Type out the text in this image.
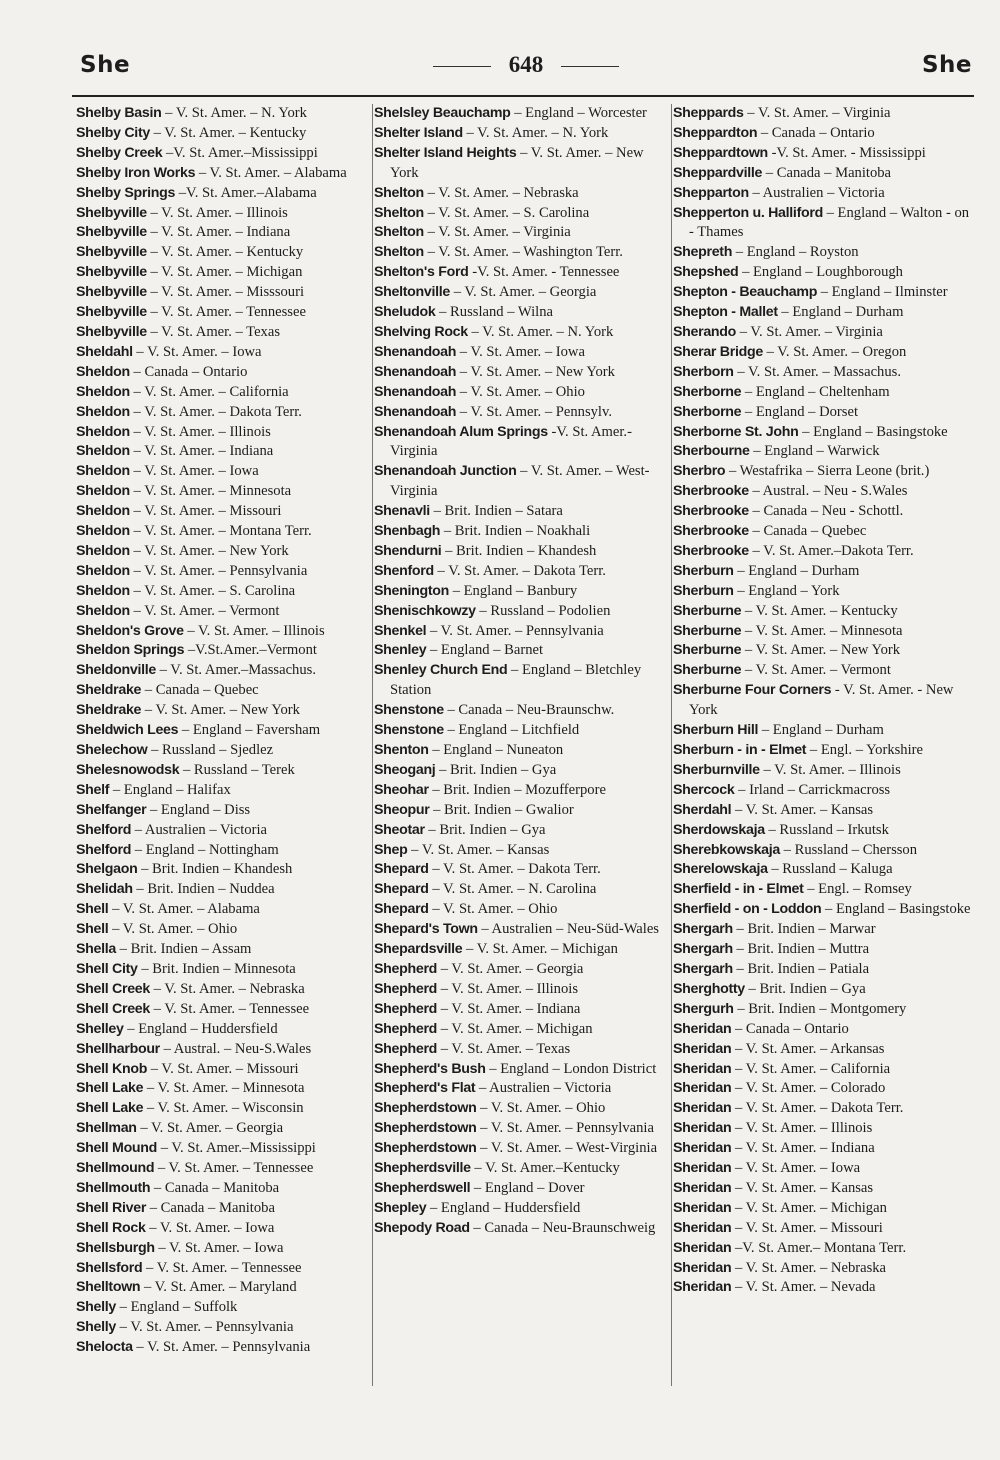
She	648	She
Shelby Basin – V. St. Amer. – N. York
Shelby City – V. St. Amer. – Kentucky
Shelby Creek –V. St. Amer.–Mississippi
Shelby Iron Works – V. St. Amer. – Alabama
Shelby Springs –V. St. Amer.–Alabama
Shelbyville – V. St. Amer. – Illinois
Shelbyville – V. St. Amer. – Indiana
Shelbyville – V. St. Amer. – Kentucky
Shelbyville – V. St. Amer. – Michigan
Shelbyville – V. St. Amer. – Misssouri
Shelbyville – V. St. Amer. – Tennessee
Shelbyville – V. St. Amer. – Texas
Sheldahl – V. St. Amer. – Iowa
Sheldon – Canada – Ontario
Sheldon – V. St. Amer. – California
Sheldon – V. St. Amer. – Dakota Terr.
Sheldon – V. St. Amer. – Illinois
Sheldon – V. St. Amer. – Indiana
Sheldon – V. St. Amer. – Iowa
Sheldon – V. St. Amer. – Minnesota
Sheldon – V. St. Amer. – Missouri
Sheldon – V. St. Amer. – Montana Terr.
Sheldon – V. St. Amer. – New York
Sheldon – V. St. Amer. – Pennsylvania
Sheldon – V. St. Amer. – S. Carolina
Sheldon – V. St. Amer. – Vermont
Sheldon's Grove – V. St. Amer. – Illinois
Sheldon Springs –V.St.Amer.–Vermont
Sheldonville – V. St. Amer.–Massachus.
Sheldrake – Canada – Quebec
Sheldrake – V. St. Amer. – New York
Sheldwich Lees – England – Faversham
Shelechow – Russland – Sjedlez
Shelesnowodsk – Russland – Terek
Shelf – England – Halifax
Shelfanger – England – Diss
Shelford – Australien – Victoria
Shelford – England – Nottingham
Shelgaon – Brit. Indien – Khandesh
Shelidah – Brit. Indien – Nuddea
Shell – V. St. Amer. – Alabama
Shell – V. St. Amer. – Ohio
Shella – Brit. Indien – Assam
Shell City – Brit. Indien – Minnesota
Shell Creek – V. St. Amer. – Nebraska
Shell Creek – V. St. Amer. – Tennessee
Shelley – England – Huddersfield
Shellharbour – Austral. – Neu-S.Wales
Shell Knob – V. St. Amer. – Missouri
Shell Lake – V. St. Amer. – Minnesota
Shell Lake – V. St. Amer. – Wisconsin
Shellman – V. St. Amer. – Georgia
Shell Mound – V. St. Amer.–Mississippi
Shellmound – V. St. Amer. – Tennessee
Shellmouth – Canada – Manitoba
Shell River – Canada – Manitoba
Shell Rock – V. St. Amer. – Iowa
Shellsburgh – V. St. Amer. – Iowa
Shellsford – V. St. Amer. – Tennessee
Shelltown – V. St. Amer. – Maryland
Shelly – England – Suffolk
Shelly – V. St. Amer. – Pennsylvania
Shelocta – V. St. Amer. – Pennsylvania
Shelsley Beauchamp – England – Worcester
Shelter Island – V. St. Amer. – N. York
Shelter Island Heights – V. St. Amer. – New York
Shelton – V. St. Amer. – Nebraska
Shelton – V. St. Amer. – S. Carolina
Shelton – V. St. Amer. – Virginia
Shelton – V. St. Amer. – Washington Terr.
Shelton's Ford -V. St. Amer. - Tennessee
Sheltonville – V. St. Amer. – Georgia
Sheludok – Russland – Wilna
Shelving Rock – V. St. Amer. – N. York
Shenandoah – V. St. Amer. – Iowa
Shenandoah – V. St. Amer. – New York
Shenandoah – V. St. Amer. – Ohio
Shenandoah – V. St. Amer. – Pennsylv.
Shenandoah Alum Springs -V. St. Amer.-Virginia
Shenandoah Junction – V. St. Amer. – West-Virginia
Shenavli – Brit. Indien – Satara
Shenbagh – Brit. Indien – Noakhali
Shendurni – Brit. Indien – Khandesh
Shenford – V. St. Amer. – Dakota Terr.
Shenington – England – Banbury
Shenischkowzy – Russland – Podolien
Shenkel – V. St. Amer. – Pennsylvania
Shenley – England – Barnet
Shenley Church End – England – Bletchley Station
Shenstone – Canada – Neu-Braunschw.
Shenstone – England – Litchfield
Shenton – England – Nuneaton
Sheoganj – Brit. Indien – Gya
Sheohar – Brit. Indien – Mozufferpore
Sheopur – Brit. Indien – Gwalior
Sheotar – Brit. Indien – Gya
Shep – V. St. Amer. – Kansas
Shepard – V. St. Amer. – Dakota Terr.
Shepard – V. St. Amer. – N. Carolina
Shepard – V. St. Amer. – Ohio
Shepard's Town – Australien – Neu-Süd-Wales
Shepardsville – V. St. Amer. – Michigan
Shepherd – V. St. Amer. – Georgia
Shepherd – V. St. Amer. – Illinois
Shepherd – V. St. Amer. – Indiana
Shepherd – V. St. Amer. – Michigan
Shepherd – V. St. Amer. – Texas
Shepherd's Bush – England – London District
Shepherd's Flat – Australien – Victoria
Shepherdstown – V. St. Amer. – Ohio
Shepherdstown – V. St. Amer. – Pennsylvania
Shepherdstown – V. St. Amer. – West-Virginia
Shepherdsville – V. St. Amer.–Kentucky
Shepherdswell – England – Dover
Shepley – England – Huddersfield
Shepody Road – Canada – Neu-Braunschweig
Sheppards – V. St. Amer. – Virginia
Sheppardton – Canada – Ontario
Sheppardtown -V. St. Amer. - Mississippi
Sheppardville – Canada – Manitoba
Shepparton – Australien – Victoria
Shepperton u. Halliford – England – Walton - on - Thames
Shepreth – England – Royston
Shepshed – England – Loughborough
Shepton - Beauchamp – England – Ilminster
Shepton - Mallet – England – Durham
Sherando – V. St. Amer. – Virginia
Sherar Bridge – V. St. Amer. – Oregon
Sherborn – V. St. Amer. – Massachus.
Sherborne – England – Cheltenham
Sherborne – England – Dorset
Sherborne St. John – England – Basingstoke
Sherbourne – England – Warwick
Sherbro – Westafrika – Sierra Leone (brit.)
Sherbrooke – Austral. – Neu - S.Wales
Sherbrooke – Canada – Neu - Schottl.
Sherbrooke – Canada – Quebec
Sherbrooke – V. St. Amer.–Dakota Terr.
Sherburn – England – Durham
Sherburn – England – York
Sherburne – V. St. Amer. – Kentucky
Sherburne – V. St. Amer. – Minnesota
Sherburne – V. St. Amer. – New York
Sherburne – V. St. Amer. – Vermont
Sherburne Four Corners - V. St. Amer. - New York
Sherburn Hill – England – Durham
Sherburn - in - Elmet – Engl. – Yorkshire
Sherburnville – V. St. Amer. – Illinois
Shercock – Irland – Carrickmacross
Sherdahl – V. St. Amer. – Kansas
Sherdowskaja – Russland – Irkutsk
Sherebkowskaja – Russland – Chersson
Sherelowskaja – Russland – Kaluga
Sherfield - in - Elmet – Engl. – Romsey
Sherfield - on - Loddon – England – Basingstoke
Shergarh – Brit. Indien – Marwar
Shergarh – Brit. Indien – Muttra
Shergarh – Brit. Indien – Patiala
Sherghotty – Brit. Indien – Gya
Shergurh – Brit. Indien – Montgomery
Sheridan – Canada – Ontario
Sheridan – V. St. Amer. – Arkansas
Sheridan – V. St. Amer. – California
Sheridan – V. St. Amer. – Colorado
Sheridan – V. St. Amer. – Dakota Terr.
Sheridan – V. St. Amer. – Illinois
Sheridan – V. St. Amer. – Indiana
Sheridan – V. St. Amer. – Iowa
Sheridan – V. St. Amer. – Kansas
Sheridan – V. St. Amer. – Michigan
Sheridan – V. St. Amer. – Missouri
Sheridan –V. St. Amer.– Montana Terr.
Sheridan – V. St. Amer. – Nebraska
Sheridan – V. St. Amer. – Nevada
